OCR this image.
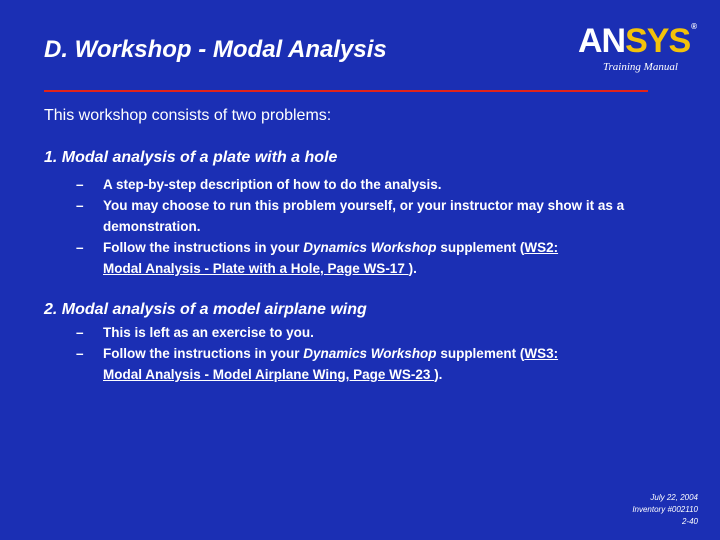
D. Workshop - Modal Analysis	ANSYS®
Training Manual
This workshop consists of two problems:
1. Modal analysis of a plate with a hole
– A step-by-step description of how to do the analysis.
– You may choose to run this problem yourself, or your instructor may show it as a demonstration.
– Follow the instructions in your Dynamics Workshop supplement (WS2:
Modal Analysis - Plate with a Hole, Page WS-17 ).
2. Modal analysis of a model airplane wing
– This is left as an exercise to you.
– Follow the instructions in your Dynamics Workshop supplement (WS3:
Modal Analysis - Model Airplane Wing, Page WS-23 ).
July 22, 2004
Inventory #002110
2-40
